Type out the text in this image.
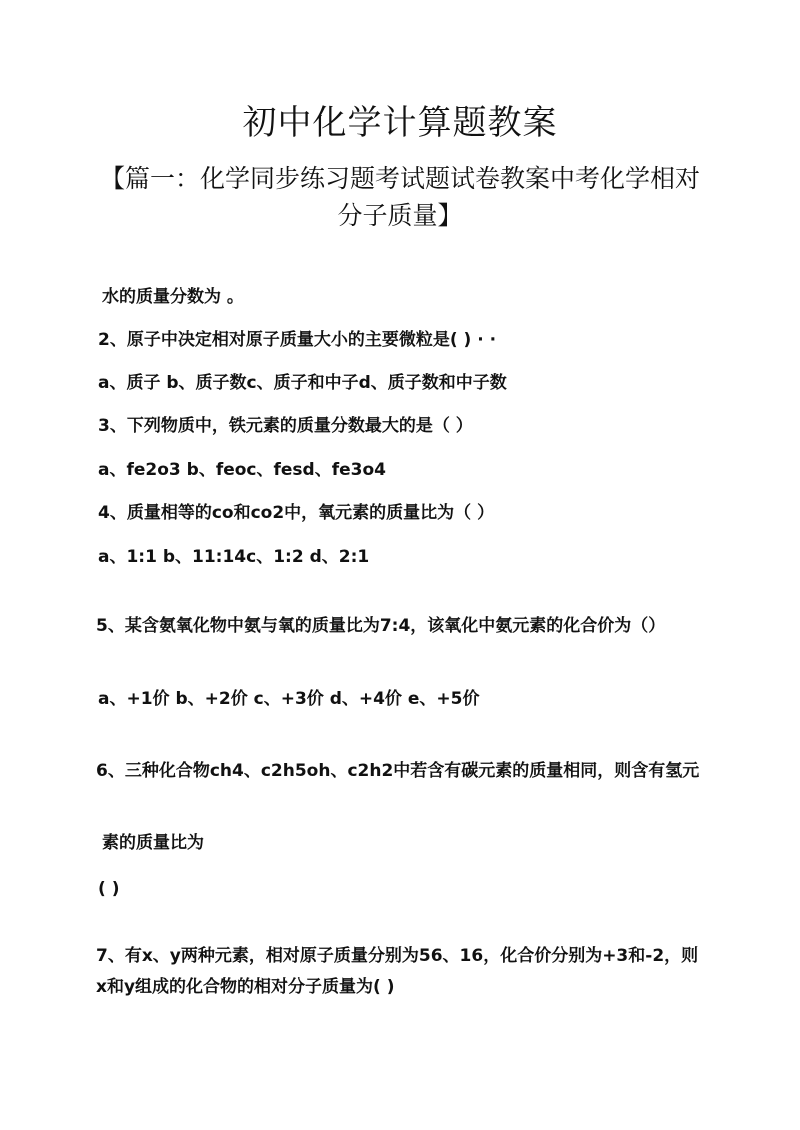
初中化学计算题教案

【篇一：化学同步练习题考试题试卷教案中考化学相对分子质量】

水的质量分数为 。

2、原子中决定相对原子质量大小的主要微粒是( ) · ·

a、质子 b、质子数c、质子和中子d、质子数和中子数

3、下列物质中，铁元素的质量分数最大的是（ ）

a、fe2o3 b、feoc、fesd、fe3o4

4、质量相等的co和co2中，氧元素的质量比为（ ）

a、1:1 b、11:14c、1:2 d、2:1

5、某含氨氧化物中氨与氧的质量比为7:4，该氧化中氨元素的化合价为（）

a、+1价 b、+2价 c、+3价 d、+4价 e、+5价

6、三种化合物ch4、c2h5oh、c2h2中若含有碳元素的质量相同，则含有氢元

素的质量比为

( )

7、有x、y两种元素，相对原子质量分别为56、16，化合价分别为+3和-2，则x和y组成的化合物的相对分子质量为( )
